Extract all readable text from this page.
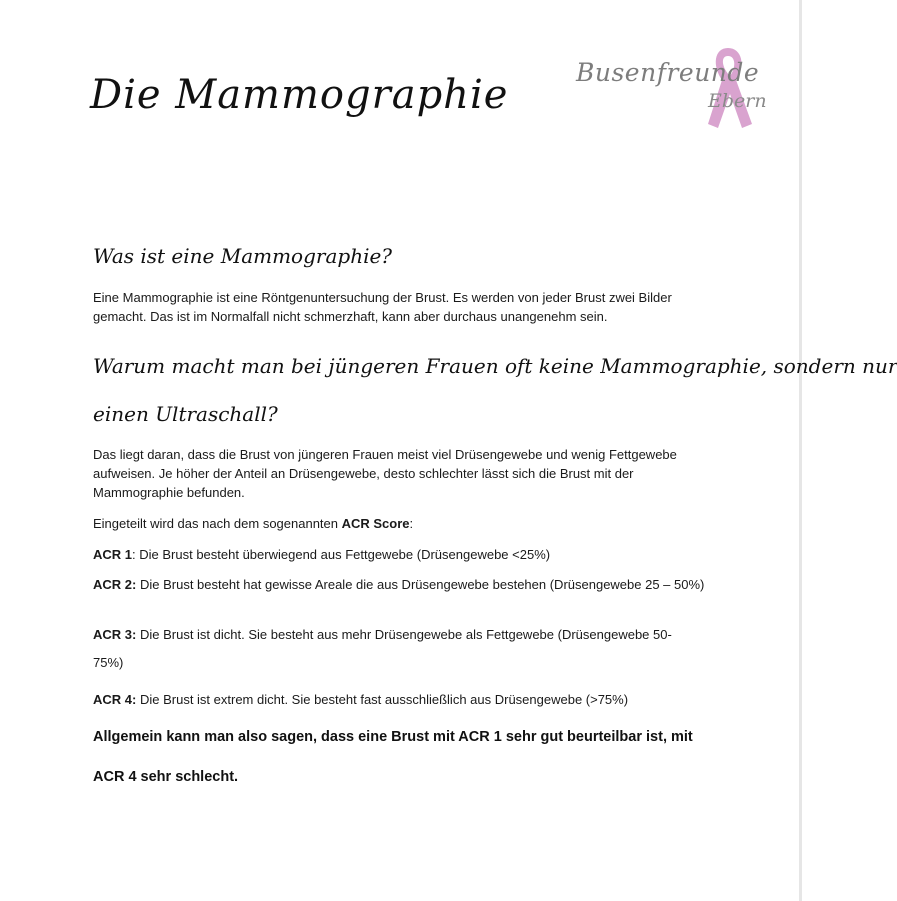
Die Mammographie	Busenfreunde
Ebern
Was ist eine Mammographie?
Eine Mammographie ist eine Röntgenuntersuchung der Brust. Es werden von jeder Brust zwei Bilder gemacht. Das ist im Normalfall nicht schmerzhaft, kann aber durchaus unangenehm sein.
Warum macht man bei jüngeren Frauen oft keine Mammographie, sondern nur
einen Ultraschall?
Das liegt daran, dass die Brust von jüngeren Frauen meist viel Drüsengewebe und wenig Fettgewebe aufweisen. Je höher der Anteil an Drüsengewebe, desto schlechter lässt sich die Brust mit der Mammographie befunden.
Eingeteilt wird das nach dem sogenannten ACR Score:
ACR 1: Die Brust besteht überwiegend aus Fettgewebe (Drüsengewebe <25%)
ACR 2: Die Brust besteht hat gewisse Areale die aus Drüsengewebe bestehen (Drüsengewebe 25 – 50%)
ACR 3: Die Brust ist dicht. Sie besteht aus mehr Drüsengewebe als Fettgewebe (Drüsengewebe 50-
75%)
ACR 4: Die Brust ist extrem dicht. Sie besteht fast ausschließlich aus Drüsengewebe (>75%)
Allgemein kann man also sagen, dass eine Brust mit ACR 1 sehr gut beurteilbar ist, mit
ACR 4 sehr schlecht.
